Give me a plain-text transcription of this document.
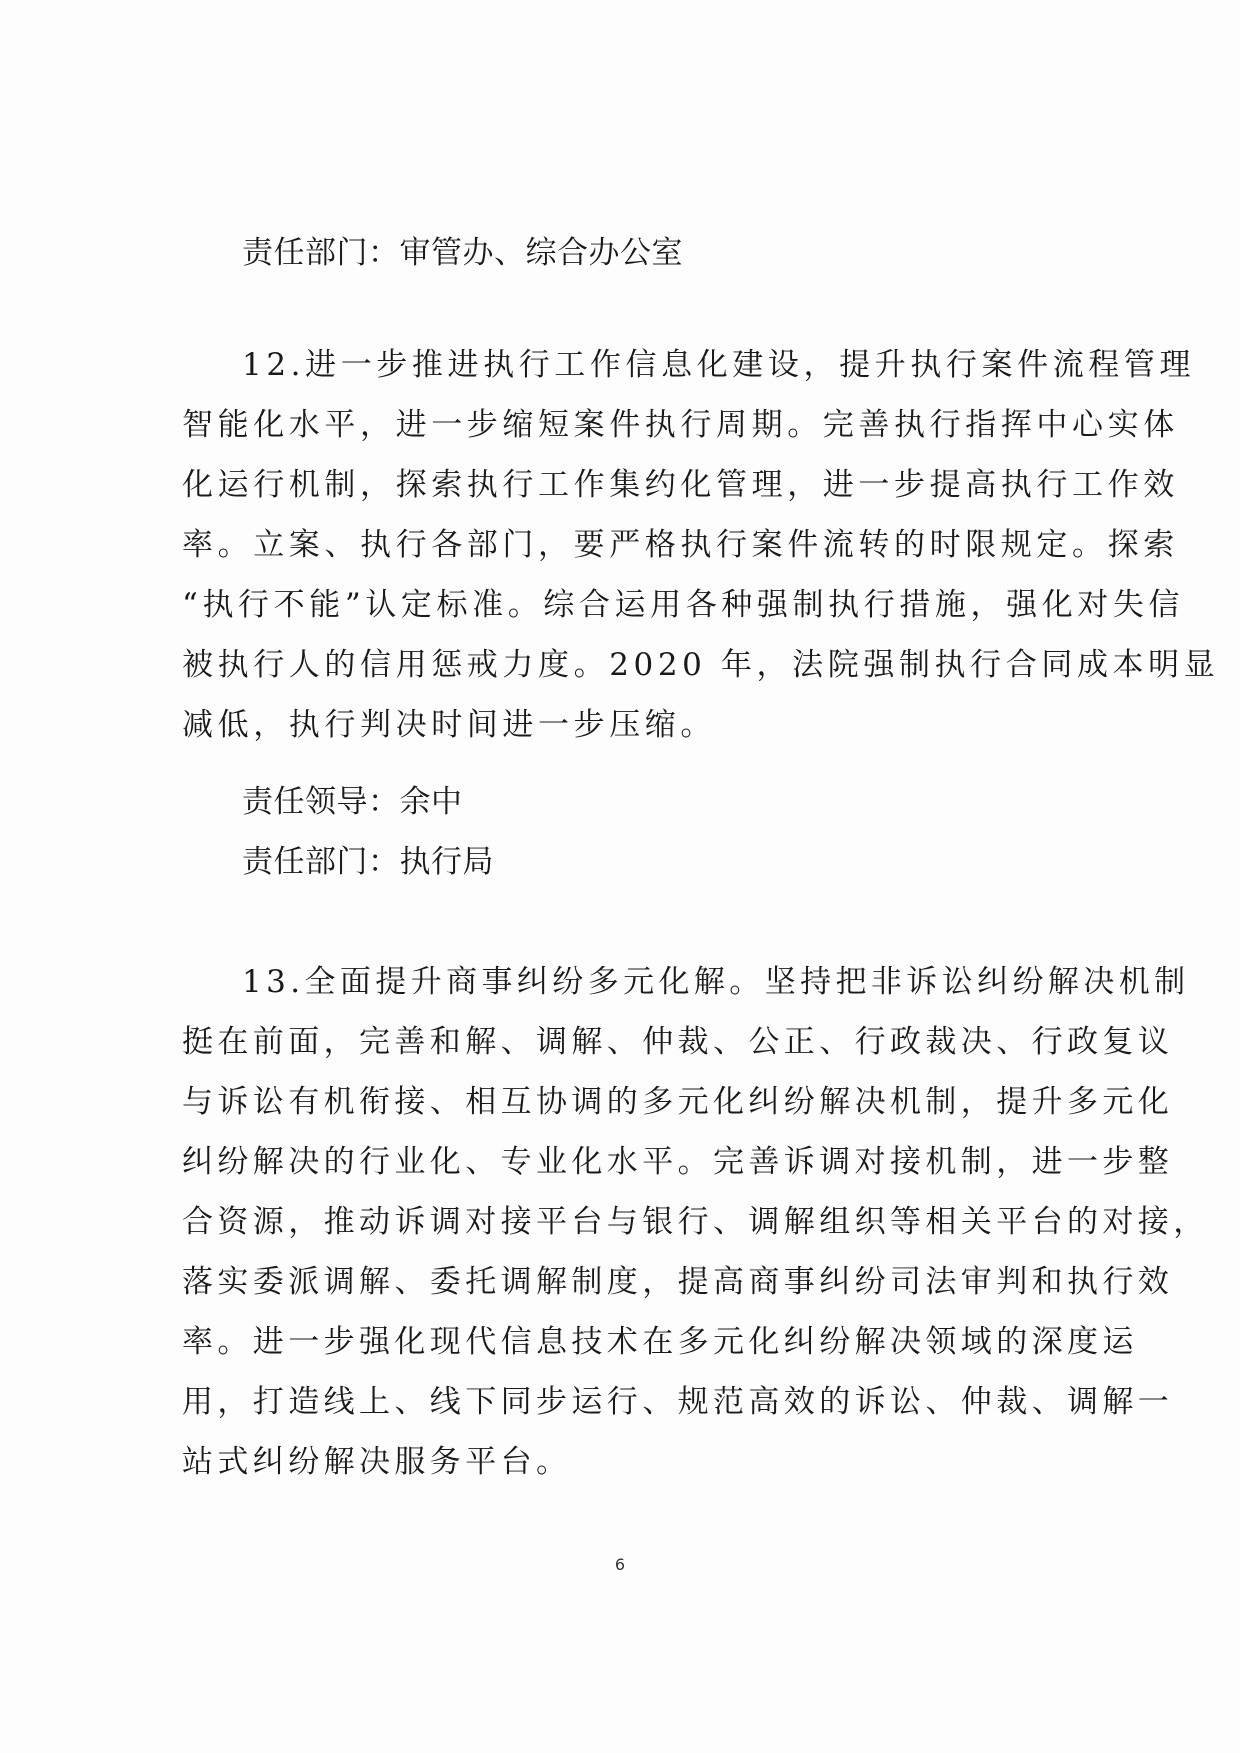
责任部门：审管办、综合办公室
12.进一步推进执行工作信息化建设，提升执行案件流程管理
智能化水平，进一步缩短案件执行周期。完善执行指挥中心实体
化运行机制，探索执行工作集约化管理，进一步提高执行工作效
率。立案、执行各部门，要严格执行案件流转的时限规定。探索
“执行不能”认定标准。综合运用各种强制执行措施，强化对失信
被执行人的信用惩戒力度。2020 年，法院强制执行合同成本明显
减低，执行判决时间进一步压缩。
责任领导：余中
责任部门：执行局
13.全面提升商事纠纷多元化解。坚持把非诉讼纠纷解决机制
挺在前面，完善和解、调解、仲裁、公正、行政裁决、行政复议
与诉讼有机衔接、相互协调的多元化纠纷解决机制，提升多元化
纠纷解决的行业化、专业化水平。完善诉调对接机制，进一步整
合资源，推动诉调对接平台与银行、调解组织等相关平台的对接，
落实委派调解、委托调解制度，提高商事纠纷司法审判和执行效
率。进一步强化现代信息技术在多元化纠纷解决领域的深度运
用，打造线上、线下同步运行、规范高效的诉讼、仲裁、调解一
站式纠纷解决服务平台。
6
